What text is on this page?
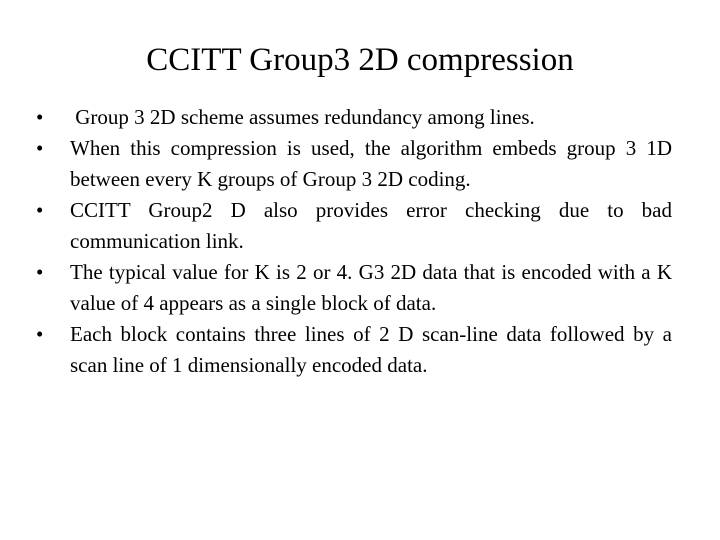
CCITT Group3 2D compression
• Group 3 2D scheme assumes redundancy among lines.
• When this compression is used, the algorithm embeds group 3 1D between every K groups of Group 3 2D coding.
• CCITT Group2 D also provides error checking due to bad communication link.
• The typical value for K is 2 or 4. G3 2D data that is encoded with a K value of 4 appears as a single block of data.
• Each block contains three lines of 2 D scan-line data followed by a scan line of 1 dimensionally encoded data.
